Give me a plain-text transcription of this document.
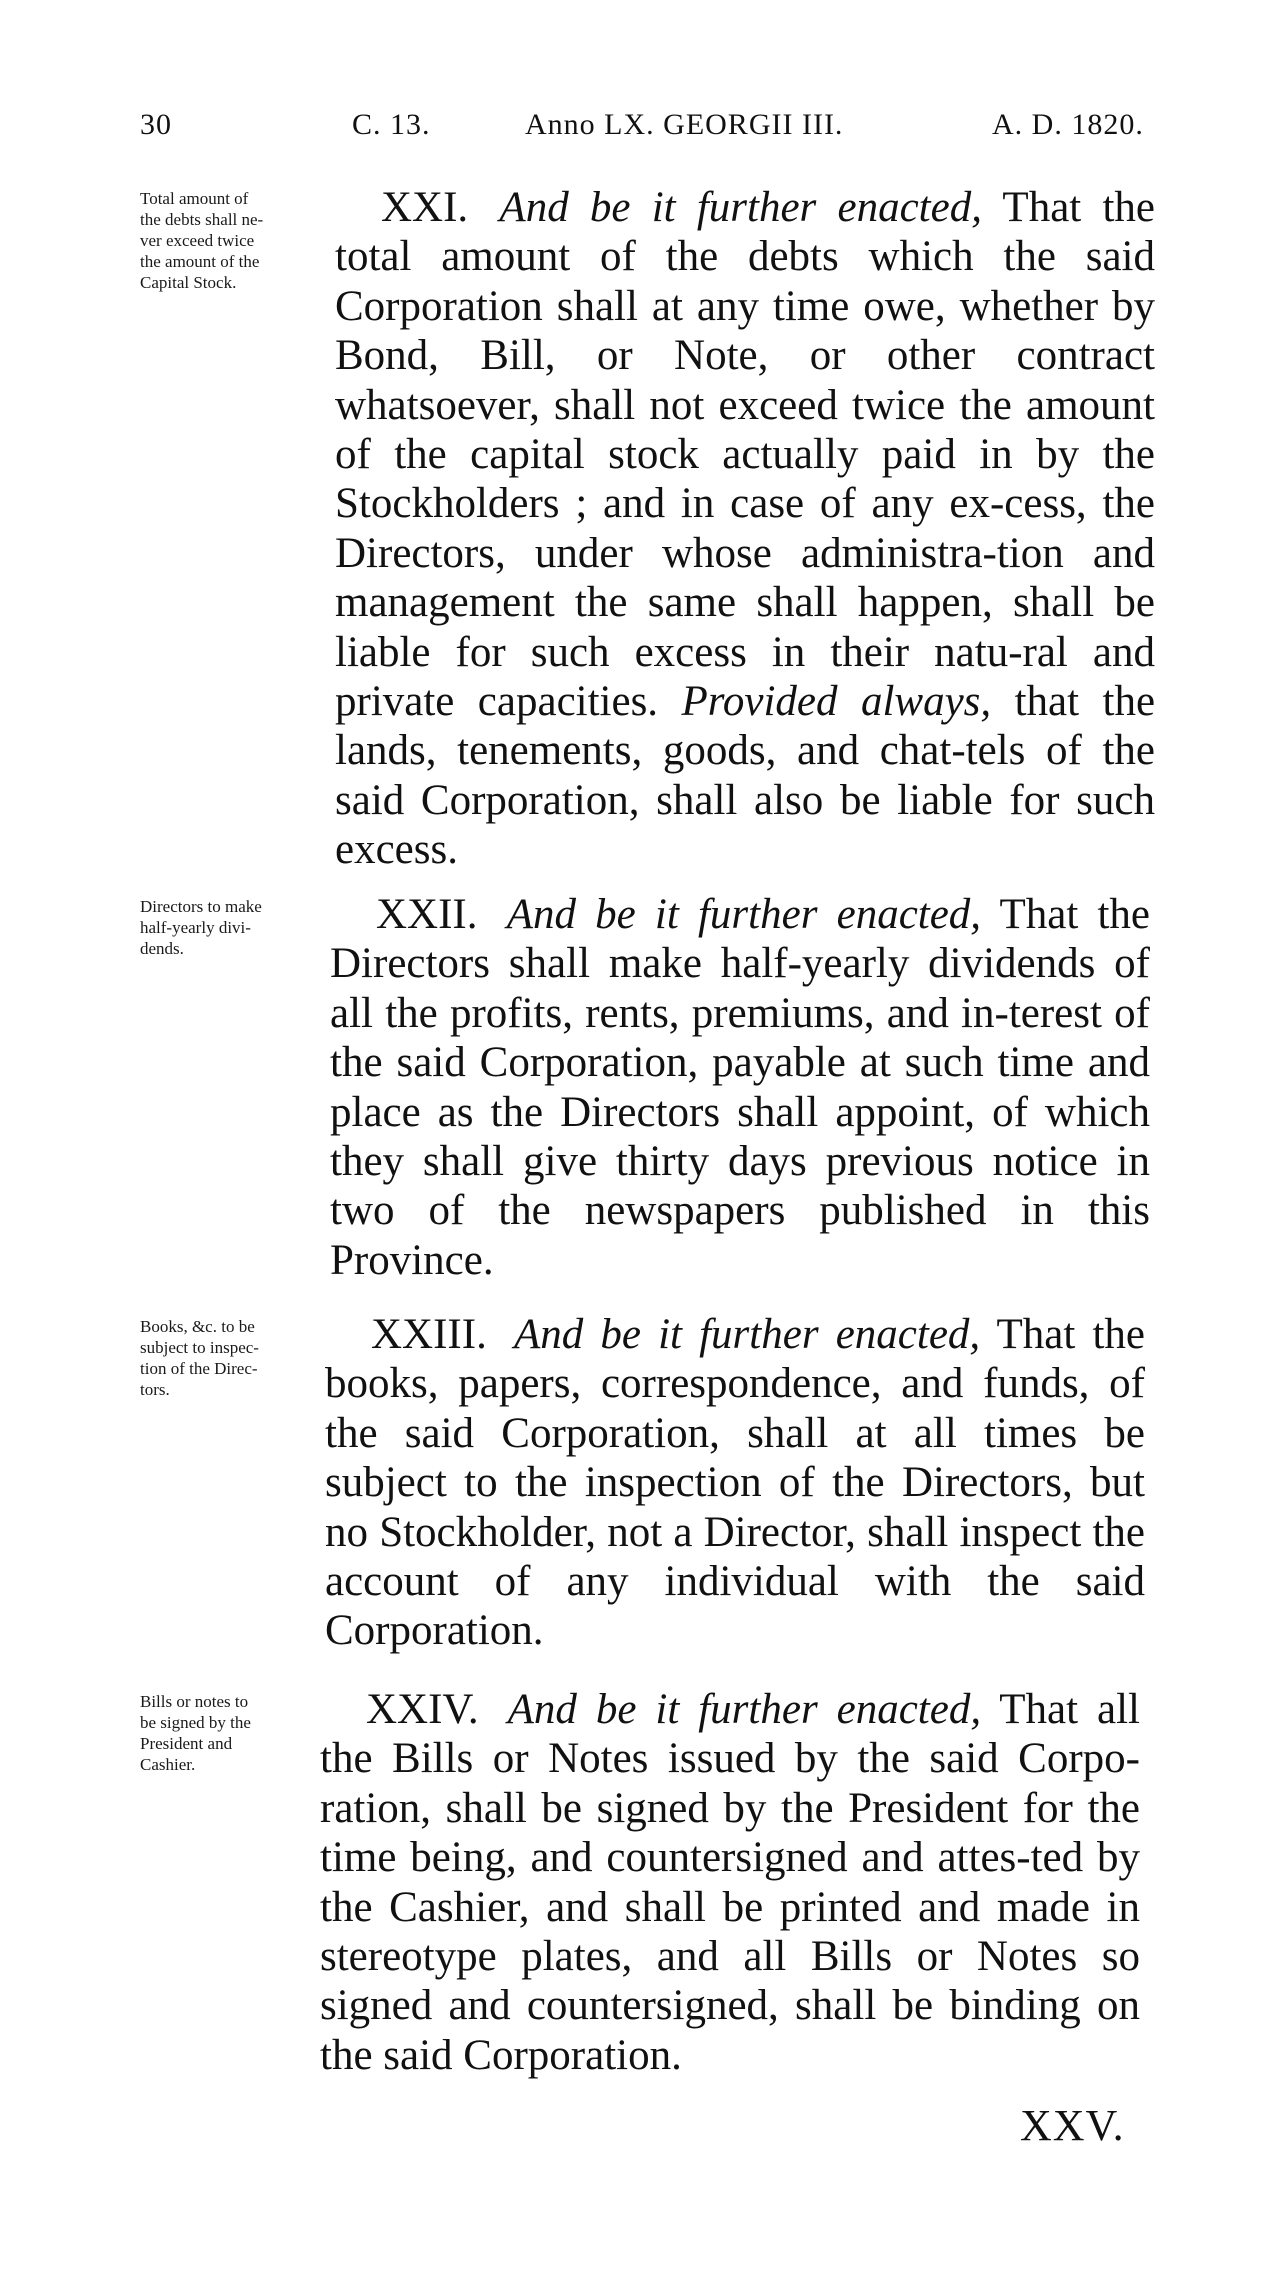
30	C. 13.	Anno LX. GEORGII III.	A. D. 1820.
Total amount of
the debts shall ne-
ver exceed twice
the amount of the
Capital Stock.
XXI. And be it further enacted, That the total amount of the debts which the said Corporation shall at any time owe, whether by Bond, Bill, or Note, or other contract whatsoever, shall not exceed twice the amount of the capital stock actually paid in by the Stockholders ; and in case of any ex-cess, the Directors, under whose administra-tion and management the same shall happen, shall be liable for such excess in their natu-ral and private capacities. Provided always, that the lands, tenements, goods, and chat-tels of the said Corporation, shall also be liable for such excess.
Directors to make
half-yearly divi-
dends.
XXII. And be it further enacted, That the Directors shall make half-yearly dividends of all the profits, rents, premiums, and in-terest of the said Corporation, payable at such time and place as the Directors shall appoint, of which they shall give thirty days previous notice in two of the newspapers published in this Province.
Books, &c. to be
subject to inspec-
tion of the Direc-
tors.
XXIII. And be it further enacted, That the books, papers, correspondence, and funds, of the said Corporation, shall at all times be subject to the inspection of the Directors, but no Stockholder, not a Director, shall inspect the account of any individual with the said Corporation.
Bills or notes to
be signed by the
President and
Cashier.
XXIV. And be it further enacted, That all the Bills or Notes issued by the said Corpo-ration, shall be signed by the President for the time being, and countersigned and attes-ted by the Cashier, and shall be printed and made in stereotype plates, and all Bills or Notes so signed and countersigned, shall be binding on the said Corporation.
XXV.
